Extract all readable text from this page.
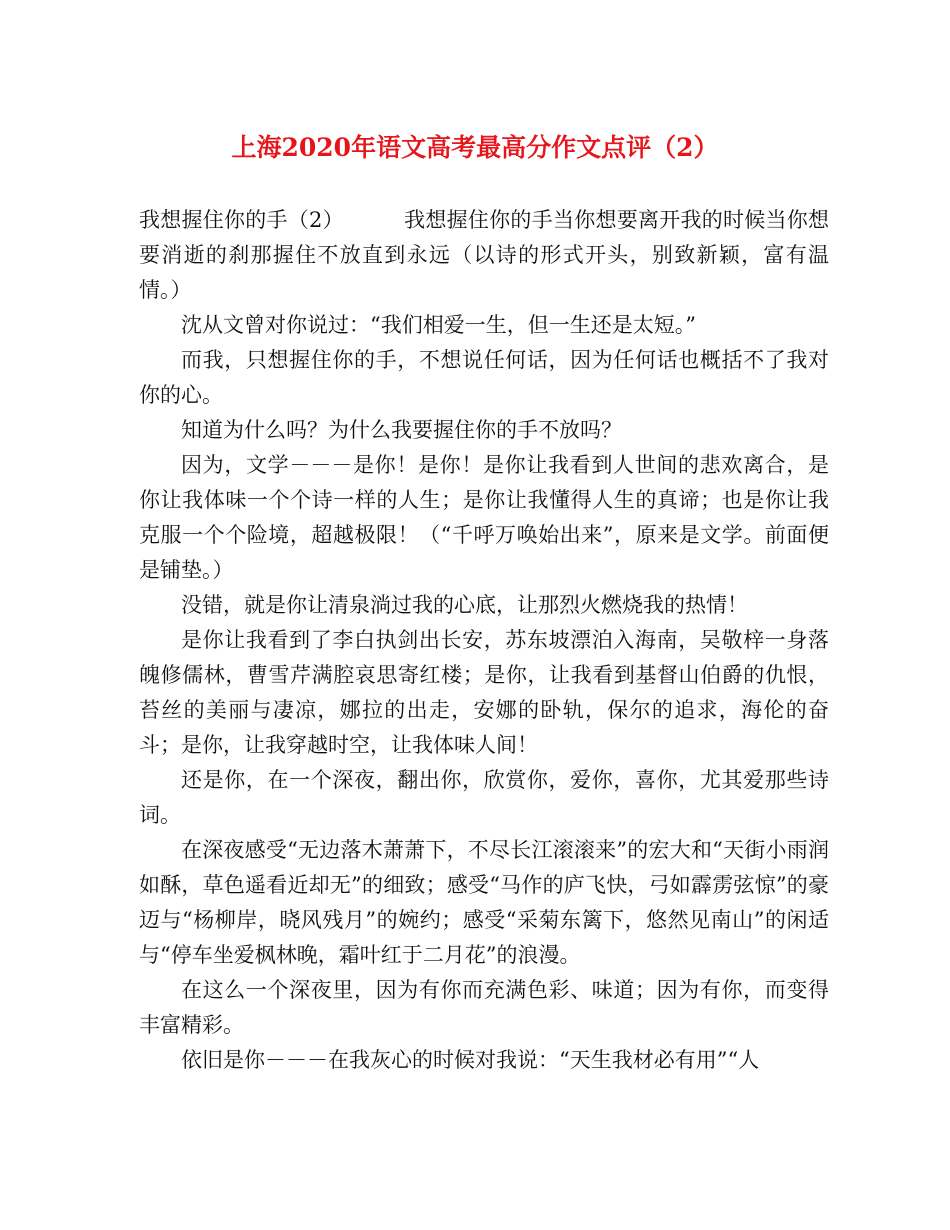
上海2020年语文高考最高分作文点评（2）

我想握住你的手（2）	我想握住你的手当你想要离开我的时候当你想要消逝的刹那握住不放直到永远（以诗的形式开头，别致新颖，富有温情。）

沈从文曾对你说过：“我们相爱一生，但一生还是太短。”

而我，只想握住你的手，不想说任何话，因为任何话也概括不了我对你的心。

知道为什么吗？为什么我要握住你的手不放吗？

因为，文学－－－是你！是你！是你让我看到人世间的悲欢离合，是你让我体味一个个诗一样的人生；是你让我懂得人生的真谛；也是你让我克服一个个险境，超越极限！（“千呼万唤始出来”，原来是文学。前面便是铺垫。）

没错，就是你让清泉淌过我的心底，让那烈火燃烧我的热情！

是你让我看到了李白执剑出长安，苏东坡漂泊入海南，吴敬梓一身落魄修儒林，曹雪芹满腔哀思寄红楼；是你，让我看到基督山伯爵的仇恨，苔丝的美丽与凄凉，娜拉的出走，安娜的卧轨，保尔的追求，海伦的奋斗；是你，让我穿越时空，让我体味人间！

还是你，在一个深夜，翻出你，欣赏你，爱你，喜你，尤其爱那些诗词。

在深夜感受“无边落木萧萧下，不尽长江滚滚来”的宏大和“天街小雨润如酥，草色遥看近却无”的细致；感受“马作的庐飞快，弓如霹雳弦惊”的豪迈与“杨柳岸，晓风残月”的婉约；感受“采菊东篱下，悠然见南山”的闲适与“停车坐爱枫林晚，霜叶红于二月花”的浪漫。

在这么一个深夜里，因为有你而充满色彩、味道；因为有你，而变得丰富精彩。

依旧是你－－－在我灰心的时候对我说：“天生我材必有用”“人
